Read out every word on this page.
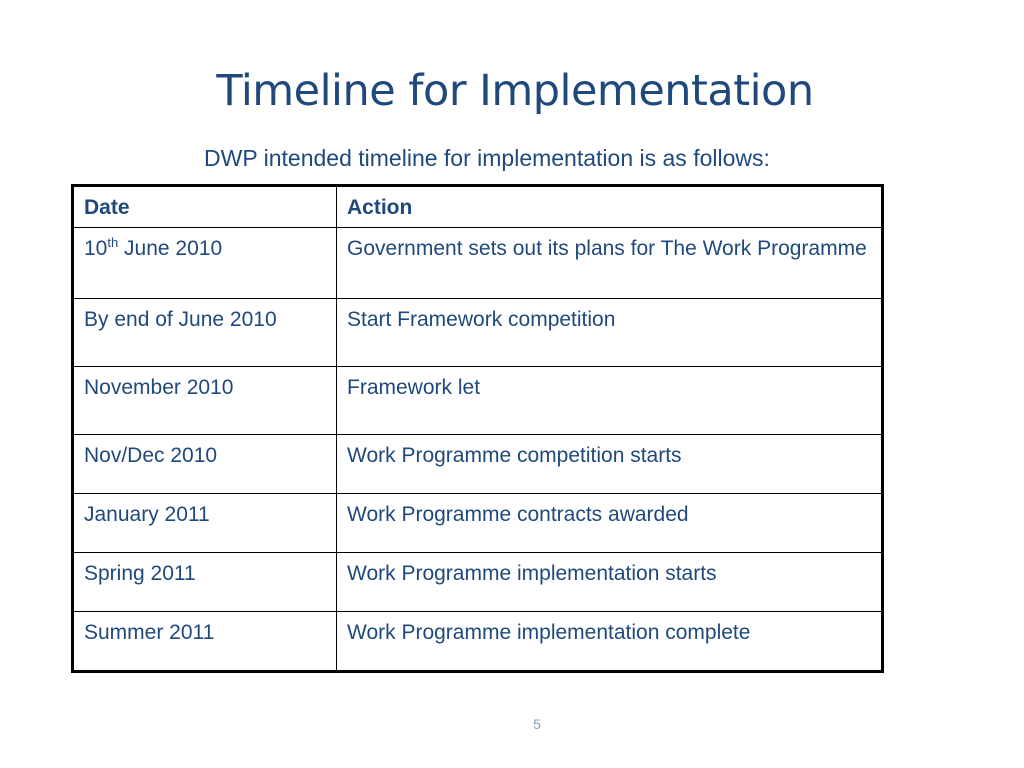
Timeline for Implementation

DWP intended timeline for implementation is as follows:

Date	Action
10th June 2010	Government sets out its plans for The Work Programme
By end of June 2010	Start Framework competition
November 2010	Framework let
Nov/Dec 2010	Work Programme competition starts
January 2011	Work Programme contracts awarded
Spring 2011	Work Programme implementation starts
Summer 2011	Work Programme implementation complete
5
